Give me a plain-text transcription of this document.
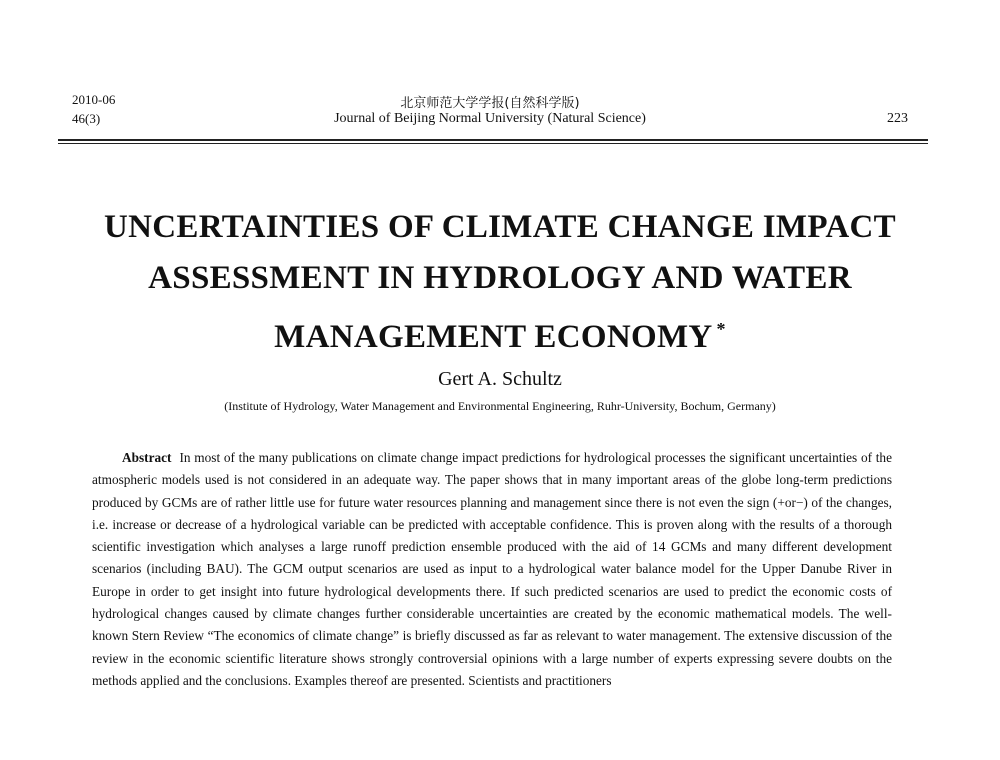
2010-06
46(3)
北京师范大学学报(自然科学版)
Journal of Beijing Normal University (Natural Science)	223
UNCERTAINTIES OF CLIMATE CHANGE IMPACT ASSESSMENT IN HYDROLOGY AND WATER MANAGEMENT ECONOMY *
Gert A. Schultz
(Institute of Hydrology, Water Management and Environmental Engineering, Ruhr-University, Bochum, Germany)

Abstract In most of the many publications on climate change impact predictions for hydrological processes the significant uncertainties of the atmospheric models used is not considered in an adequate way. The paper shows that in many important areas of the globe long-term predictions produced by GCMs are of rather little use for future water resources planning and management since there is not even the sign (+or−) of the changes, i.e. increase or decrease of a hydrological variable can be predicted with acceptable confidence. This is proven along with the results of a thorough scientific investigation which analyses a large runoff prediction ensemble produced with the aid of 14 GCMs and many different development scenarios (including BAU). The GCM output scenarios are used as input to a hydrological water balance model for the Upper Danube River in Europe in order to get insight into future hydrological developments there. If such predicted scenarios are used to predict the economic costs of hydrological changes caused by climate changes further considerable uncertainties are created by the economic mathematical models. The well-known Stern Review “The economics of climate change” is briefly discussed as far as relevant to water management. The extensive discussion of the review in the economic scientific literature shows strongly controversial opinions with a large number of experts expressing severe doubts on the methods applied and the conclusions. Examples thereof are presented. Scientists and practitioners
